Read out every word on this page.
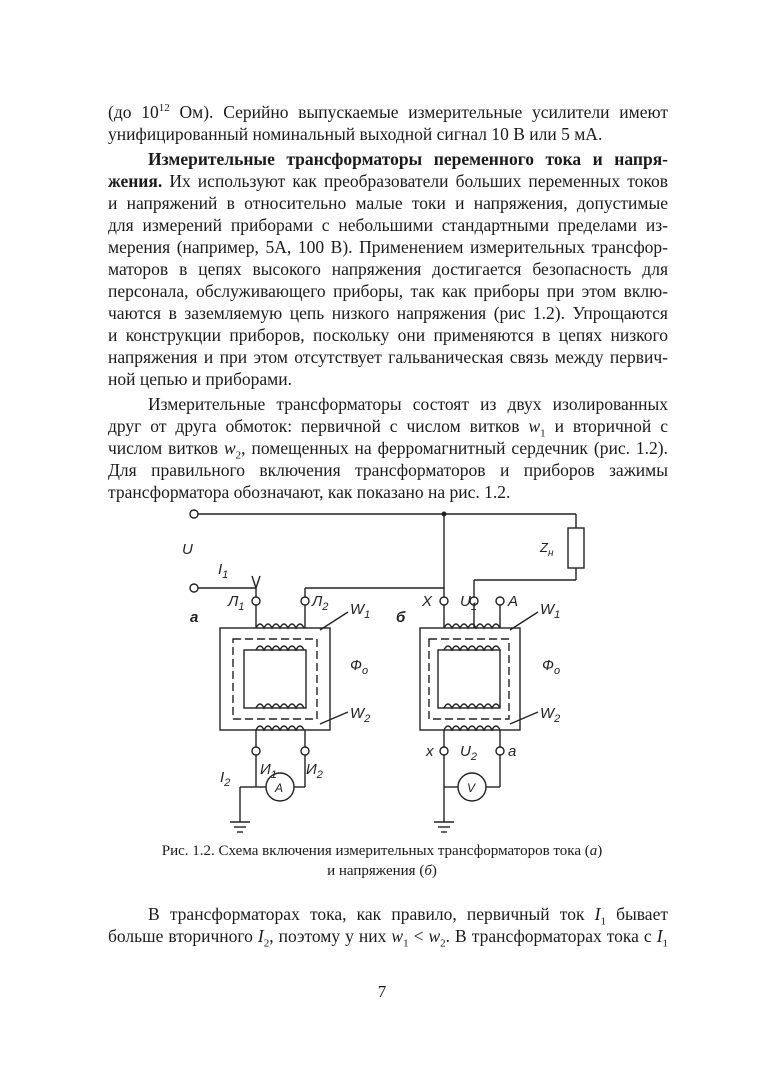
(до $10^{12}$ Ом). Серийно выпускаемые измерительные усилители имеют
унифицированный номинальный выходной сигнал 10 В или 5 мА.
Измерительные трансформаторы переменного тока и напря-
жения. Их используют как преобразователи больших переменных токов
и напряжений в относительно малые токи и напряжения, допустимые
для измерений приборами с небольшими стандартными пределами из-
мерения (например, 5А, 100 В). Применением измерительных трансфор-
маторов в цепях высокого напряжения достигается безопасность для
персонала, обслуживающего приборы, так как приборы при этом вклю-
чаются в заземляемую цепь низкого напряжения (рис 1.2). Упрощаются
и конструкции приборов, поскольку они применяются в цепях низкого
напряжения и при этом отсутствует гальваническая связь между первич-
ной цепью и приборами.
Измерительные трансформаторы состоят из двух изолированных
друг от друга обмоток: первичной с числом витков $w_1$ и вторичной с
числом витков $w_2$, помещенных на ферромагнитный сердечник (рис. 1.2).
Для правильного включения трансформаторов и приборов зажимы
трансформатора обозначают, как показано на рис. 1.2.
U
$I_1$
а
$Л_1$	$Л_2$
б
X $U_1$ A
$W_1$	$W_1$
$Ф_о$	$Ф_о$
$W_2$	$W_2$
$Z_н$
$I_2$
$И_1$ $И_2$
x $U_2$ a
A	V
Рис. 1.2. Схема включения измерительных трансформаторов тока (а)
и напряжения (б)
В трансформаторах тока, как правило, первичный ток $I_1$ бывает
больше вторичного $I_2$, поэтому у них $w_1 < w_2$. В трансформаторах тока с $I_1$
7
